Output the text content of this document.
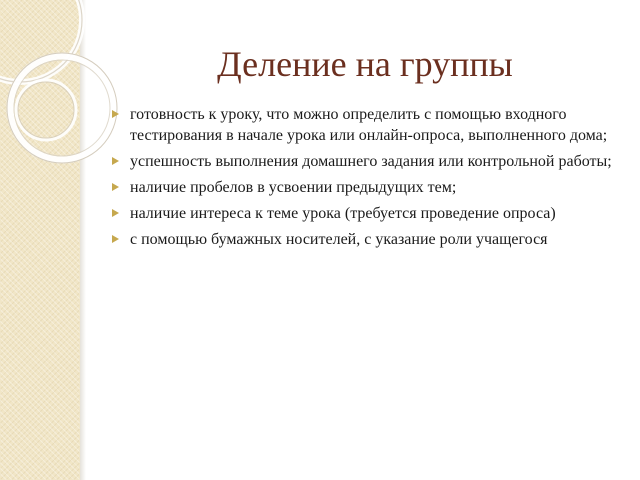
Деление на группы
готовность к уроку, что можно определить с помощью входного тестирования в начале урока или онлайн-опроса, выполненного дома;
успешность выполнения домашнего задания или контрольной работы;
наличие пробелов в усвоении предыдущих тем;
наличие интереса к теме урока (требуется проведение опроса)
с помощью бумажных носителей, с указание роли учащегося
